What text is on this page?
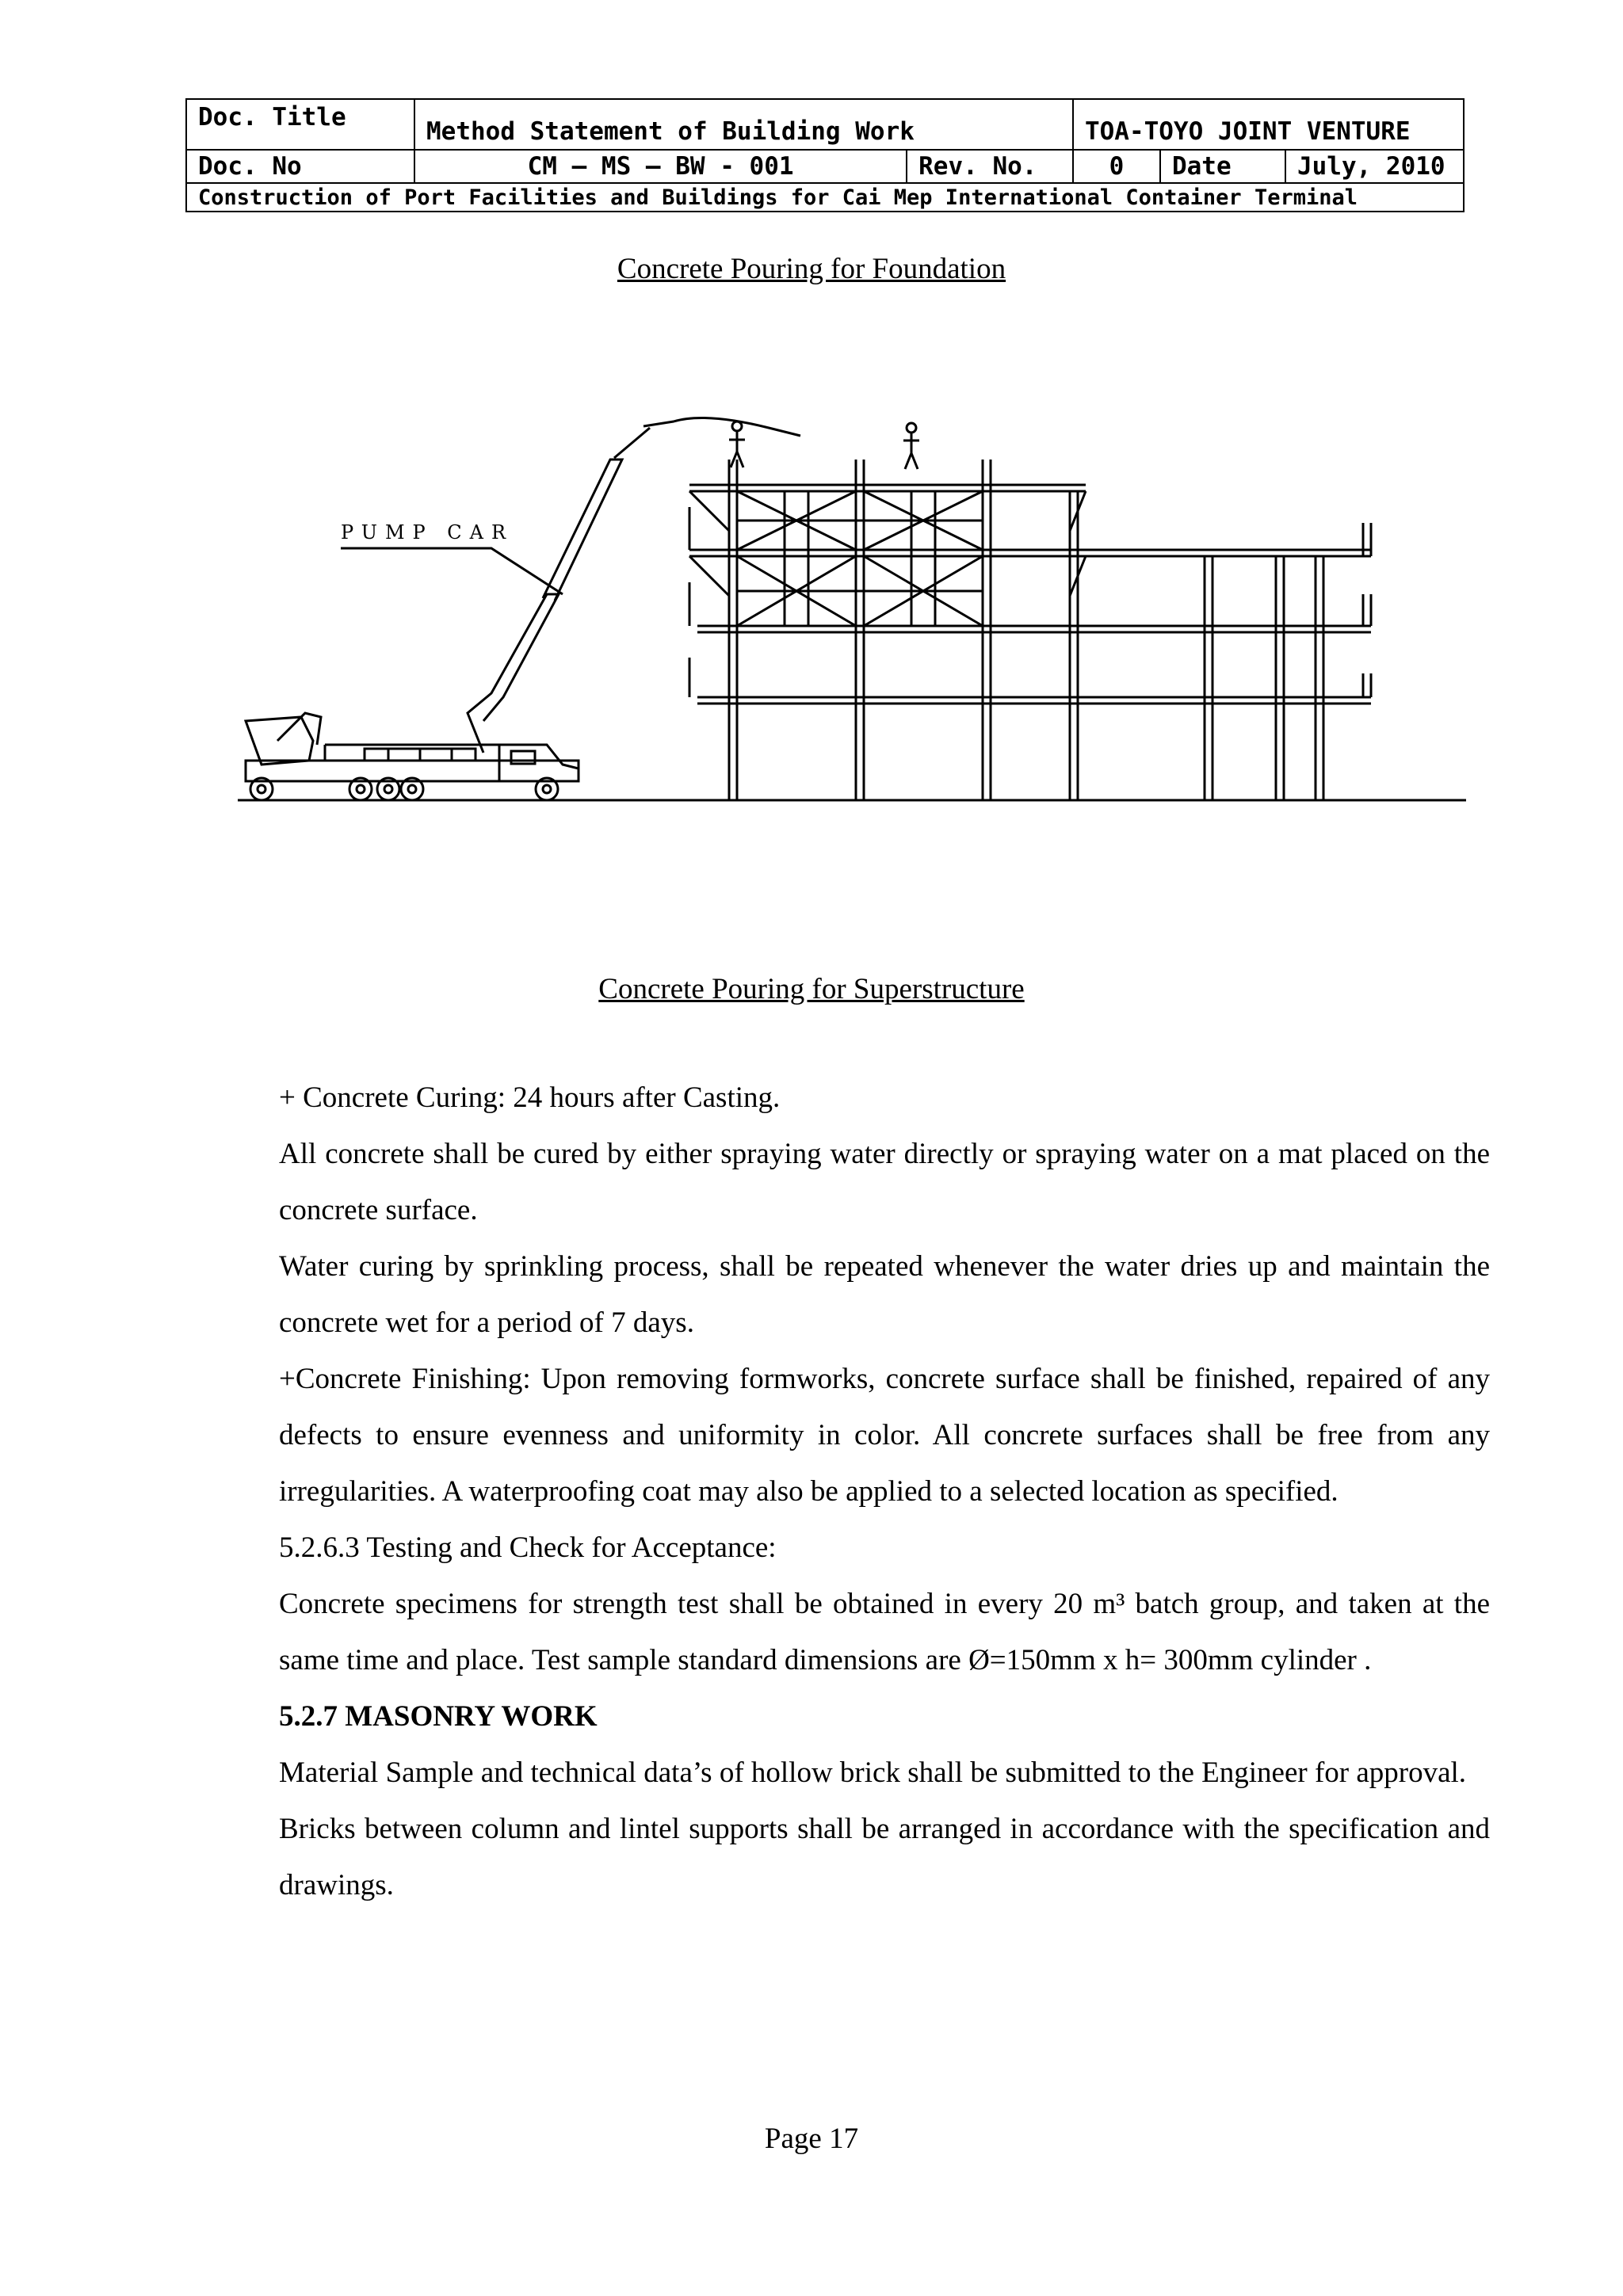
Doc. Title	Method Statement of Building Work		TOA-TOYO JOINT VENTURE		
Doc. No	CM – MS – BW - 001	Rev. No.	0	Date	July, 2010
Construction of Port Facilities and Buildings for Cai Mep International Container Terminal					
Concrete Pouring for Foundation
PUMP CAR
Concrete Pouring for Superstructure

+ Concrete Curing: 24 hours after Casting.

All concrete shall be cured by either spraying water directly or spraying water on a mat placed on the concrete surface.

Water curing by sprinkling process, shall be repeated whenever the water dries up and maintain the concrete wet for a period of 7 days.

+Concrete Finishing: Upon removing formworks, concrete surface shall be finished, repaired of any defects to ensure evenness and uniformity in color. All concrete surfaces shall be free from any irregularities. A waterproofing coat may also be applied to a selected location as specified.

5.2.6.3 Testing and Check for Acceptance:

Concrete specimens for strength test shall be obtained in every 20 m³ batch group, and taken at the same time and place. Test sample standard dimensions are Ø=150mm x h= 300mm cylinder .

5.2.7 MASONRY WORK

Material Sample and technical data’s of hollow brick shall be submitted to the Engineer for approval.

Bricks between column and lintel supports shall be arranged in accordance with the specification and drawings.

Page 17
